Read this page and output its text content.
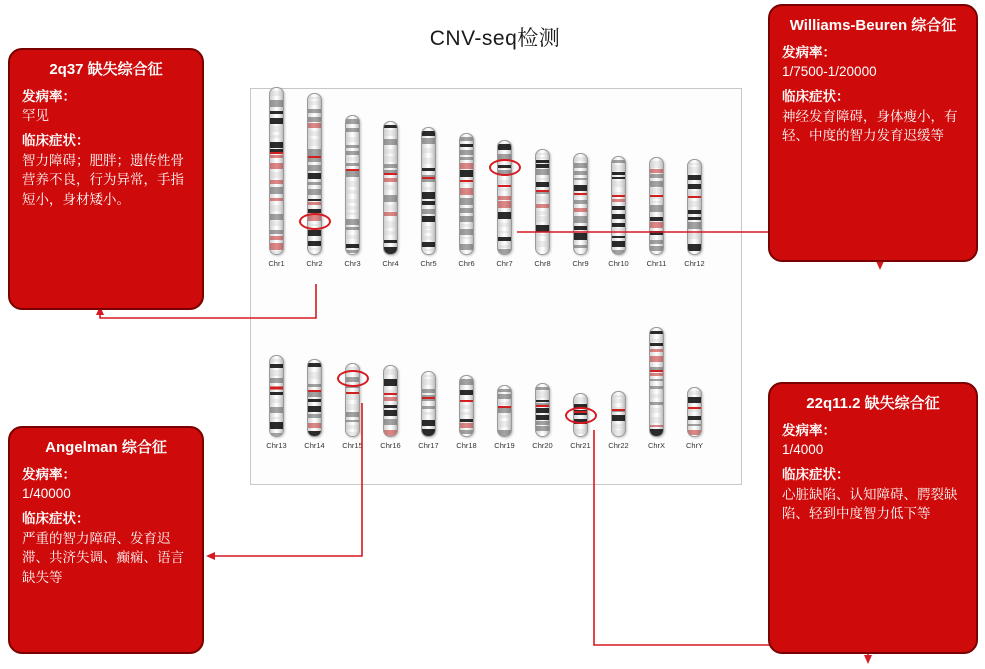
CNV-seq检测
Chr1	Chr2	Chr3	Chr4	Chr5	Chr6	Chr7	Chr8	Chr9	Chr10 Chr11 Chr12
Chr13 Chr14 Chr15 Chr16 Chr17 Chr18 Chr19 Chr20 Chr21 Chr22	ChrX	ChrY
2q37 缺失综合征
发病率：
罕见
临床症状：
智力障碍；肥胖；遗传性骨营养不良，行为异常，手指短小，身材矮小。
Williams-Beuren 综合征
发病率：
1/7500-1/20000
临床症状：
神经发育障碍，身体瘦小，有轻、中度的智力发育迟缓等
Angelman 综合征
发病率：
1/40000
临床症状：
严重的智力障碍、发育迟滞、共济失调、癫痫、语言缺失等
22q11.2 缺失综合征
发病率：
1/4000
临床症状：
心脏缺陷、认知障碍、腭裂缺陷、轻到中度智力低下等
